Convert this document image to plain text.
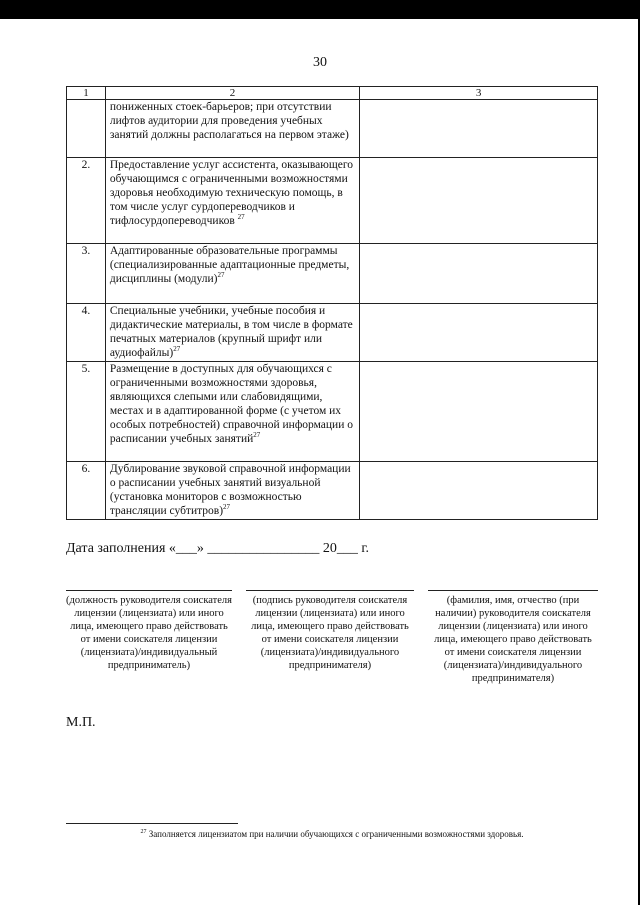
30
1	2	3
	пониженных стоек-барьеров; при отсутствии лифтов аудитории для проведения учебных занятий должны располагаться на первом этаже)	
2.	Предоставление услуг ассистента, оказывающего обучающимся с ограниченными возможностями здоровья необходимую техническую помощь, в том числе услуг сурдопереводчиков и тифлосурдопереводчиков $^{27}$	
3.	Адаптированные образовательные программы (специализированные адаптационные предметы, дисциплины (модули)$^{27}$	
4.	Специальные учебники, учебные пособия и дидактические материалы, в том числе в формате печатных материалов (крупный шрифт или аудиофайлы)$^{27}$	
5.	Размещение в доступных для обучающихся с ограниченными возможностями здоровья, являющихся слепыми или слабовидящими, местах и в адаптированной форме (с учетом их особых потребностей) справочной информации о расписании учебных занятий$^{27}$	
6.	Дублирование звуковой справочной информации о расписании учебных занятий визуальной (установка мониторов с возможностью трансляции субтитров)$^{27}$	
Дата заполнения «___» ________________ 20___ г.
(должность руководителя соискателя лицензии (лицензиата) или иного лица, имеющего право действовать от имени соискателя лицензии (лицензиата)/индивидуальный предприниматель)
(подпись руководителя соискателя лицензии (лицензиата) или иного лица, имеющего право действовать от имени соискателя лицензии (лицензиата)/индивидуального предпринимателя)
(фамилия, имя, отчество (при наличии) руководителя соискателя лицензии (лицензиата) или иного лица, имеющего право действовать от имени соискателя лицензии (лицензиата)/индивидуального предпринимателя)
М.П.
$^{27}$ Заполняется лицензиатом при наличии обучающихся с ограниченными возможностями здоровья.
